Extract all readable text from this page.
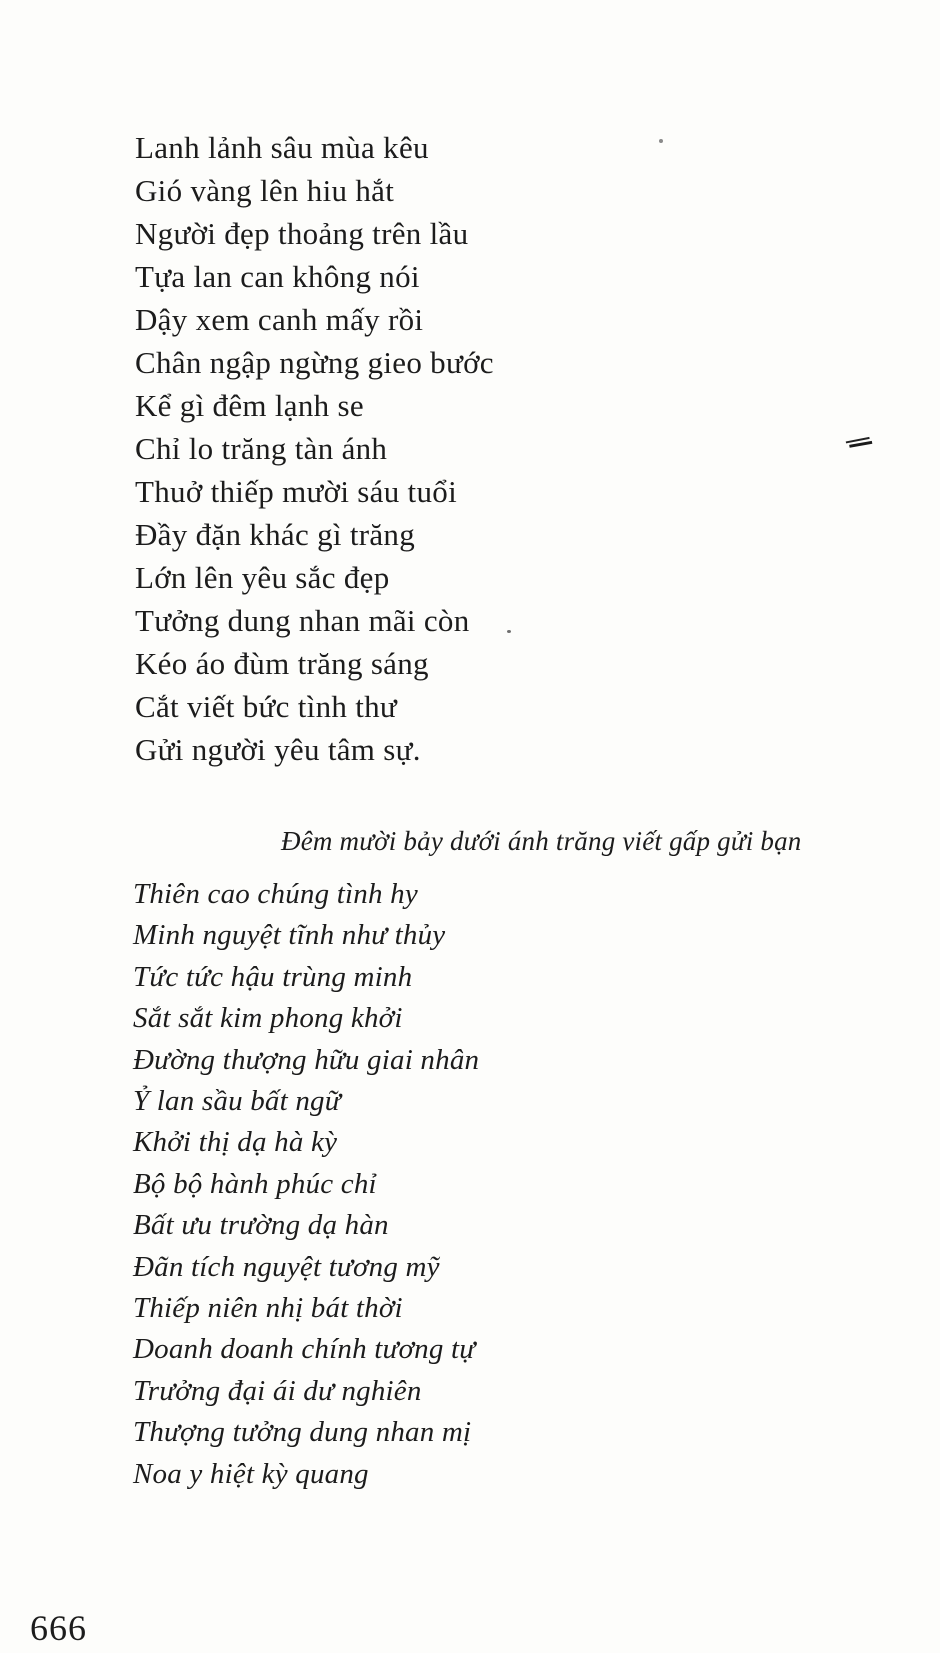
Lanh lảnh sâu mùa kêu
Gió vàng lên hiu hắt
Người đẹp thoảng trên lầu
Tựa lan can không nói
Dậy xem canh mấy rồi
Chân ngập ngừng gieo bước
Kể gì đêm lạnh se
Chỉ lo trăng tàn ánh
Thuở thiếp mười sáu tuổi
Đầy đặn khác gì trăng
Lớn lên yêu sắc đẹp
Tưởng dung nhan mãi còn
Kéo áo đùm trăng sáng
Cắt viết bức tình thư
Gửi người yêu tâm sự.
Đêm mười bảy dưới ánh trăng viết gấp gửi bạn
Thiên cao chúng tình hy
Minh nguyệt tĩnh như thủy
Tức tức hậu trùng minh
Sắt sắt kim phong khởi
Đường thượng hữu giai nhân
Ỷ lan sầu bất ngữ
Khởi thị dạ hà kỳ
Bộ bộ hành phúc chỉ
Bất ưu trường dạ hàn
Đãn tích nguyệt tương mỹ
Thiếp niên nhị bát thời
Doanh doanh chính tương tự
Trưởng đại ái dư nghiên
Thượng tưởng dung nhan mị
Noa y hiệt kỳ quang
666
